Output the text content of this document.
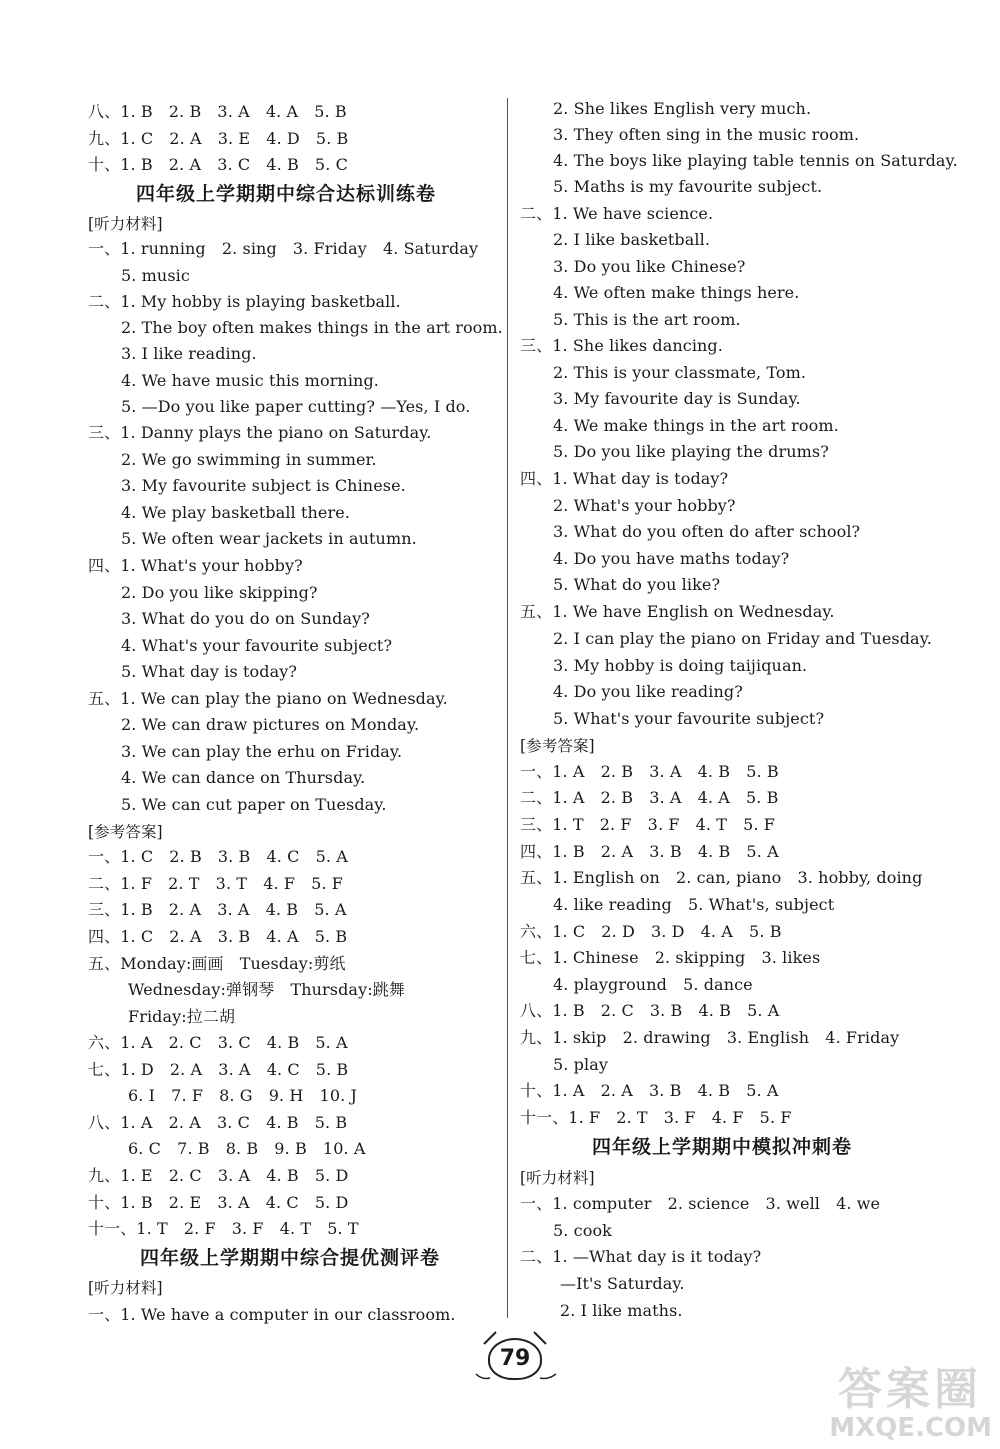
八、1. B　2. B　3. A　4. A　5. B
九、1. C　2. A　3. E　4. D　5. B
十、1. B　2. A　3. C　4. B　5. C
四年级上学期期中综合达标训练卷
[听力材料]
一、1. running　2. sing　3. Friday　4. Saturday
5. music
二、1. My hobby is playing basketball.
2. The boy often makes things in the art room.
3. I like reading.
4. We have music this morning.
5. —Do you like paper cutting? —Yes, I do.
三、1. Danny plays the piano on Saturday.
2. We go swimming in summer.
3. My favourite subject is Chinese.
4. We play basketball there.
5. We often wear jackets in autumn.
四、1. What's your hobby?
2. Do you like skipping?
3. What do you do on Sunday?
4. What's your favourite subject?
5. What day is today?
五、1. We can play the piano on Wednesday.
2. We can draw pictures on Monday.
3. We can play the erhu on Friday.
4. We can dance on Thursday.
5. We can cut paper on Tuesday.
[参考答案]
一、1. C　2. B　3. B　4. C　5. A
二、1. F　2. T　3. T　4. F　5. F
三、1. B　2. A　3. A　4. B　5. A
四、1. C　2. A　3. B　4. A　5. B
五、Monday:画画　Tuesday:剪纸
Wednesday:弹钢琴　Thursday:跳舞
Friday:拉二胡
六、1. A　2. C　3. C　4. B　5. A
七、1. D　2. A　3. A　4. C　5. B
6. I　7. F　8. G　9. H　10. J
八、1. A　2. A　3. C　4. B　5. B
6. C　7. B　8. B　9. B　10. A
九、1. E　2. C　3. A　4. B　5. D
十、1. B　2. E　3. A　4. C　5. D
十一、1. T　2. F　3. F　4. T　5. T
四年级上学期期中综合提优测评卷
[听力材料]
一、1. We have a computer in our classroom.
2. She likes English very much.
3. They often sing in the music room.
4. The boys like playing table tennis on Saturday.
5. Maths is my favourite subject.
二、1. We have science.
2. I like basketball.
3. Do you like Chinese?
4. We often make things here.
5. This is the art room.
三、1. She likes dancing.
2. This is your classmate, Tom.
3. My favourite day is Sunday.
4. We make things in the art room.
5. Do you like playing the drums?
四、1. What day is today?
2. What's your hobby?
3. What do you often do after school?
4. Do you have maths today?
5. What do you like?
五、1. We have English on Wednesday.
2. I can play the piano on Friday and Tuesday.
3. My hobby is doing taijiquan.
4. Do you like reading?
5. What's your favourite subject?
[参考答案]
一、1. A　2. B　3. A　4. B　5. B
二、1. A　2. B　3. A　4. A　5. B
三、1. T　2. F　3. F　4. T　5. F
四、1. B　2. A　3. B　4. B　5. A
五、1. English on　2. can, piano　3. hobby, doing
4. like reading　5. What's, subject
六、1. C　2. D　3. D　4. A　5. B
七、1. Chinese　2. skipping　3. likes
4. playground　5. dance
八、1. B　2. C　3. B　4. B　5. A
九、1. skip　2. drawing　3. English　4. Friday
5. play
十、1. A　2. A　3. B　4. B　5. A
十一、1. F　2. T　3. F　4. F　5. F
四年级上学期期中模拟冲刺卷
[听力材料]
一、1. computer　2. science　3. well　4. we
5. cook
二、1. —What day is it today?
—It's Saturday.
2. I like maths.
79
答案圈
MXQE.COM
